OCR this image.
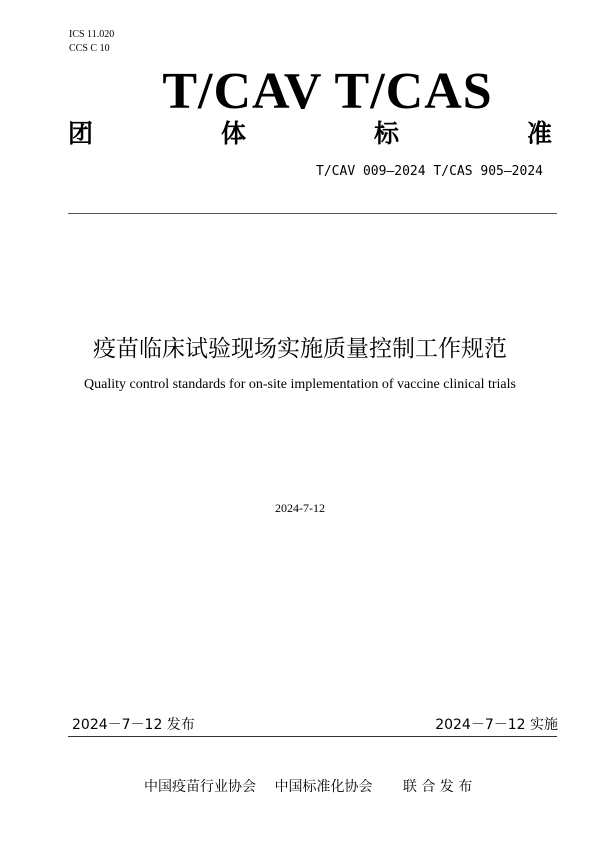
ICS 11.020
CCS C 10
T/CAV T/CAS
团	体	标	准
T/CAV 009—2024 T/CAS 905—2024
疫苗临床试验现场实施质量控制工作规范
Quality control standards for on-site implementation of vaccine clinical trials
2024-7-12
2024－7－12 发布	2024－7－12 实施
中国疫苗行业协会 中国标准化协会 联 合 发 布
